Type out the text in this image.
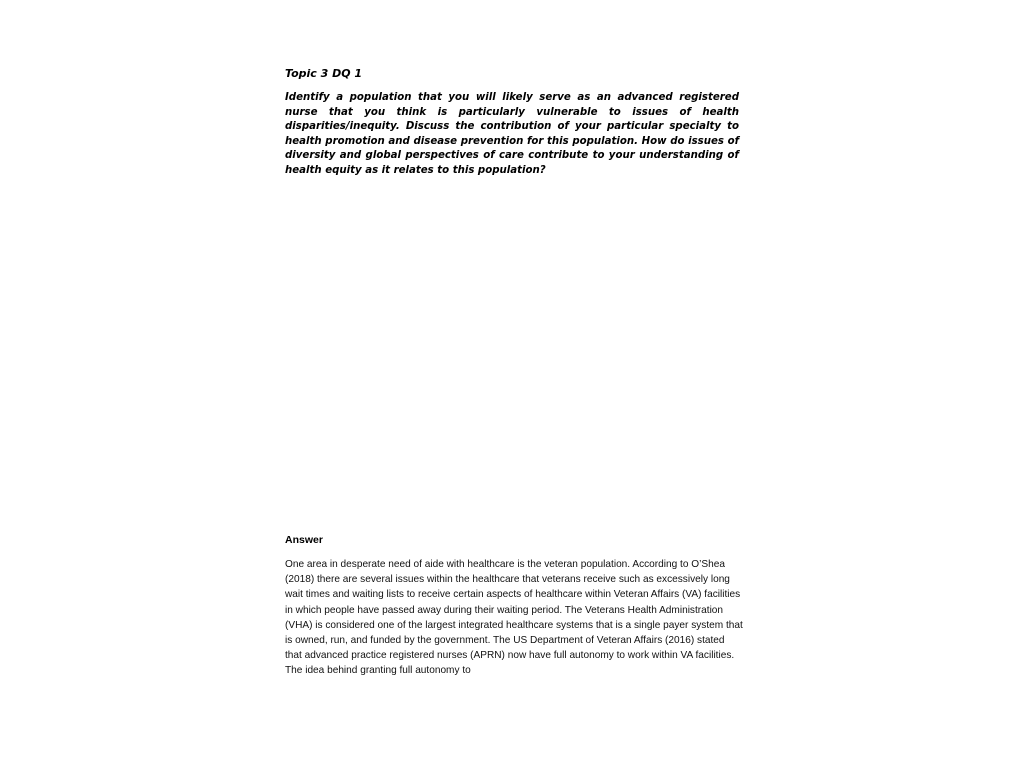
Topic 3 DQ 1

Identify a population that you will likely serve as an advanced registered nurse that you think is particularly vulnerable to issues of health disparities/inequity. Discuss the contribution of your particular specialty to health promotion and disease prevention for this population. How do issues of diversity and global perspectives of care contribute to your understanding of health equity as it relates to this population?

Answer

One area in desperate need of aide with healthcare is the veteran population. According to O’Shea (2018) there are several issues within the healthcare that veterans receive such as excessively long wait times and waiting lists to receive certain aspects of healthcare within Veteran Affairs (VA) facilities in which people have passed away during their waiting period. The Veterans Health Administration (VHA) is considered one of the largest integrated healthcare systems that is a single payer system that is owned, run, and funded by the government. The US Department of Veteran Affairs (2016) stated that advanced practice registered nurses (APRN) now have full autonomy to work within VA facilities. The idea behind granting full autonomy to
